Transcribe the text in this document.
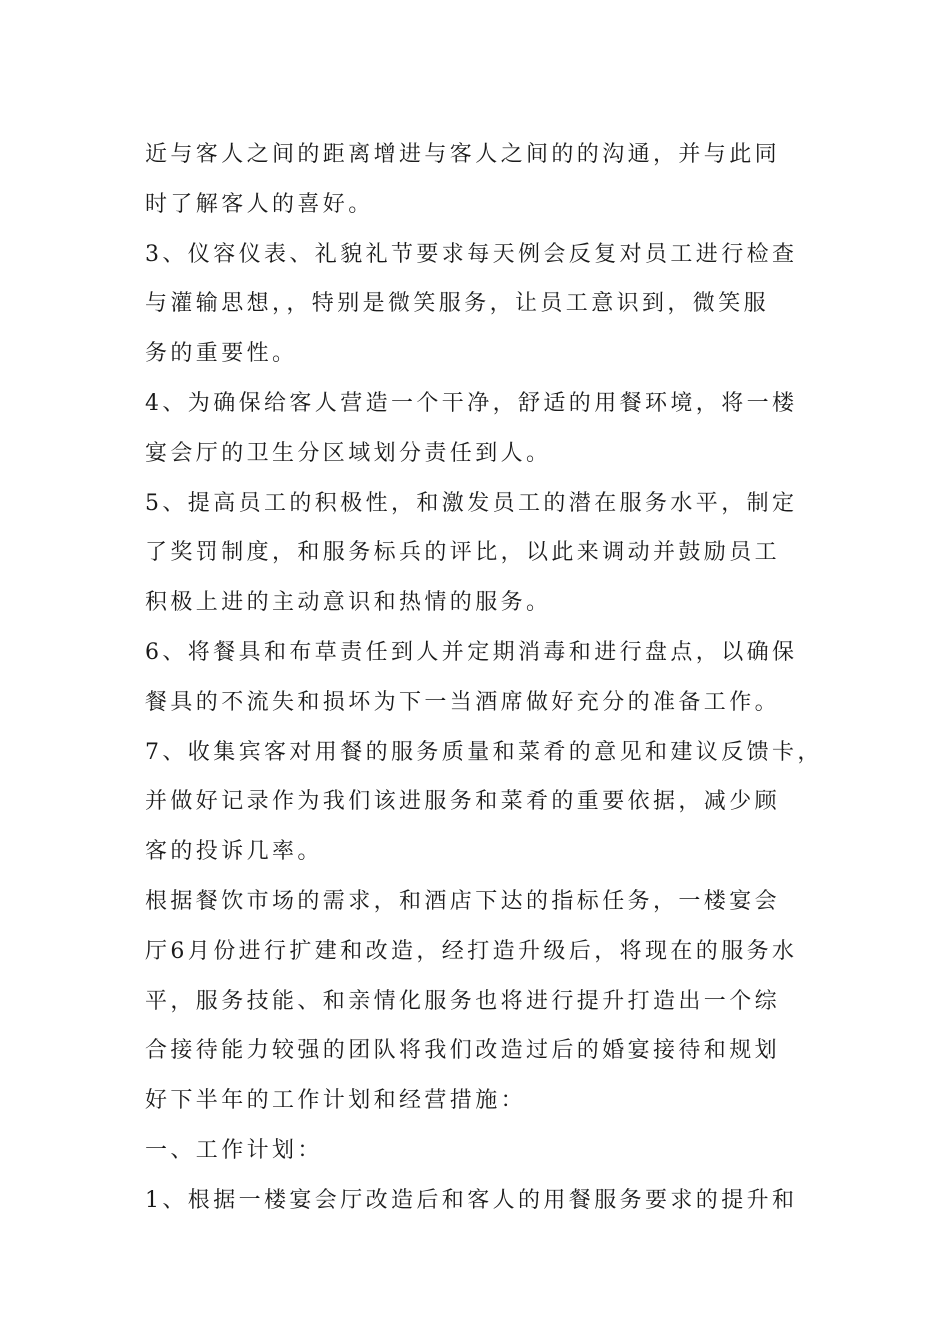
近与客人之间的距离增进与客人之间的的沟通，并与此同
时了解客人的喜好。
3、仪容仪表、礼貌礼节要求每天例会反复对员工进行检查
与灌输思想，，特别是微笑服务，让员工意识到，微笑服
务的重要性。
4、为确保给客人营造一个干净，舒适的用餐环境，将一楼
宴会厅的卫生分区域划分责任到人。
5、提高员工的积极性，和激发员工的潜在服务水平，制定
了奖罚制度，和服务标兵的评比，以此来调动并鼓励员工
积极上进的主动意识和热情的服务。
6、将餐具和布草责任到人并定期消毒和进行盘点，以确保
餐具的不流失和损坏为下一当酒席做好充分的准备工作。
7、收集宾客对用餐的服务质量和菜肴的意见和建议反馈卡，
并做好记录作为我们该进服务和菜肴的重要依据，减少顾
客的投诉几率。
根据餐饮市场的需求，和酒店下达的指标任务，一楼宴会
厅6月份进行扩建和改造，经打造升级后，将现在的服务水
平，服务技能、和亲情化服务也将进行提升打造出一个综
合接待能力较强的团队将我们改造过后的婚宴接待和规划
好下半年的工作计划和经营措施：
一、工作计划：
1、根据一楼宴会厅改造后和客人的用餐服务要求的提升和
